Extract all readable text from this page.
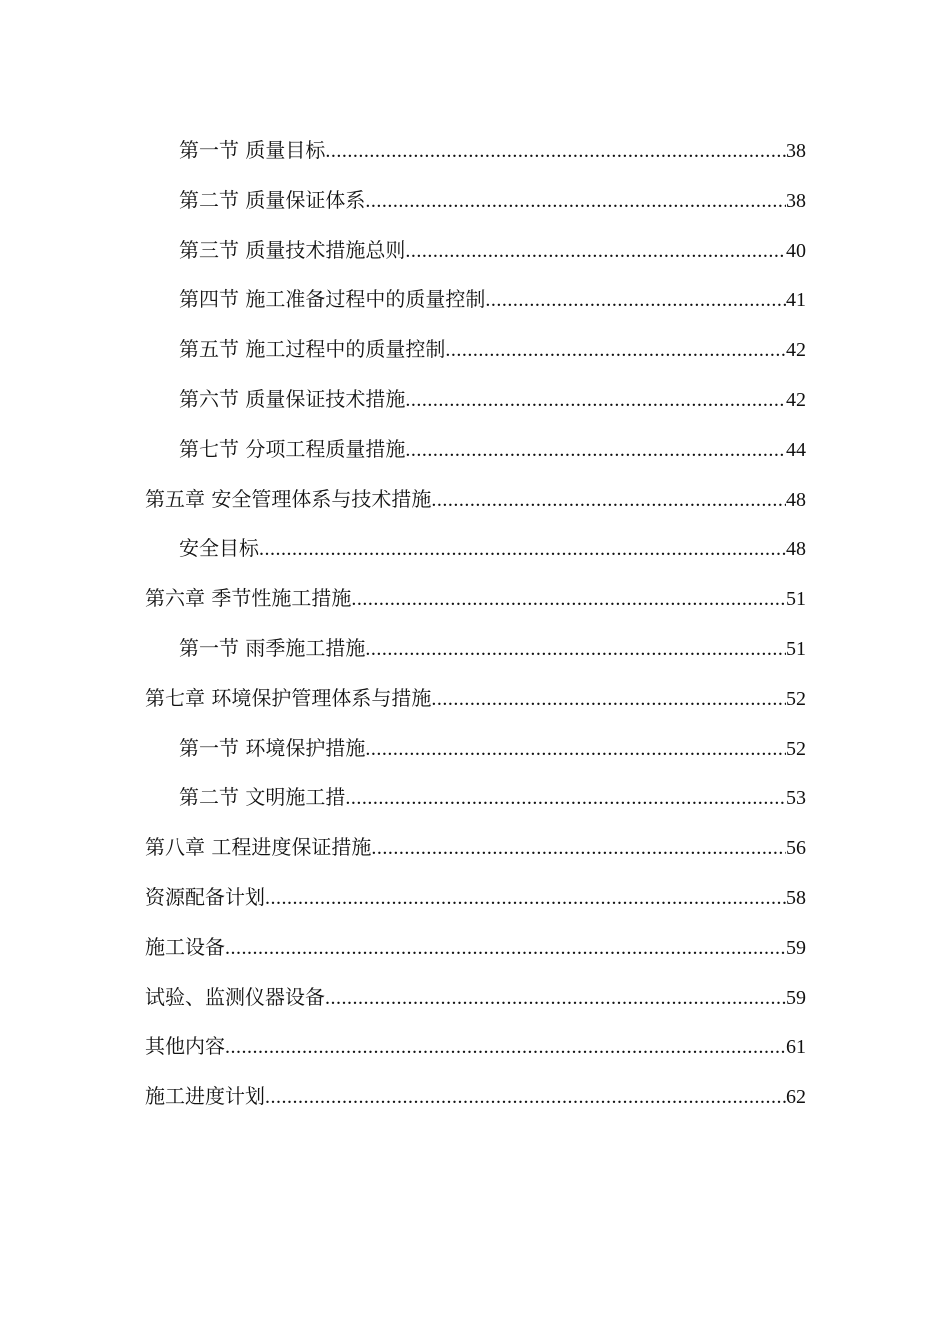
第一节 质量目标 .....	38
第二节 质量保证体系 .....	38
第三节 质量技术措施总则 .....	40
第四节 施工准备过程中的质量控制 .....	41
第五节 施工过程中的质量控制 .....	42
第六节 质量保证技术措施 .....	42
第七节 分项工程质量措施 .....	44
第五章 安全管理体系与技术措施 .....	48
安全目标 .....	48
第六章 季节性施工措施 .....	51
第一节 雨季施工措施 .....	51
第七章 环境保护管理体系与措施 .....	52
第一节 环境保护措施 .....	52
第二节 文明施工措 .....	53
第八章 工程进度保证措施 .....	56
资源配备计划 .....	58
施工设备 .....	59
试验、监测仪器设备 .....	59
其他内容 .....	61
施工进度计划 .....	62
